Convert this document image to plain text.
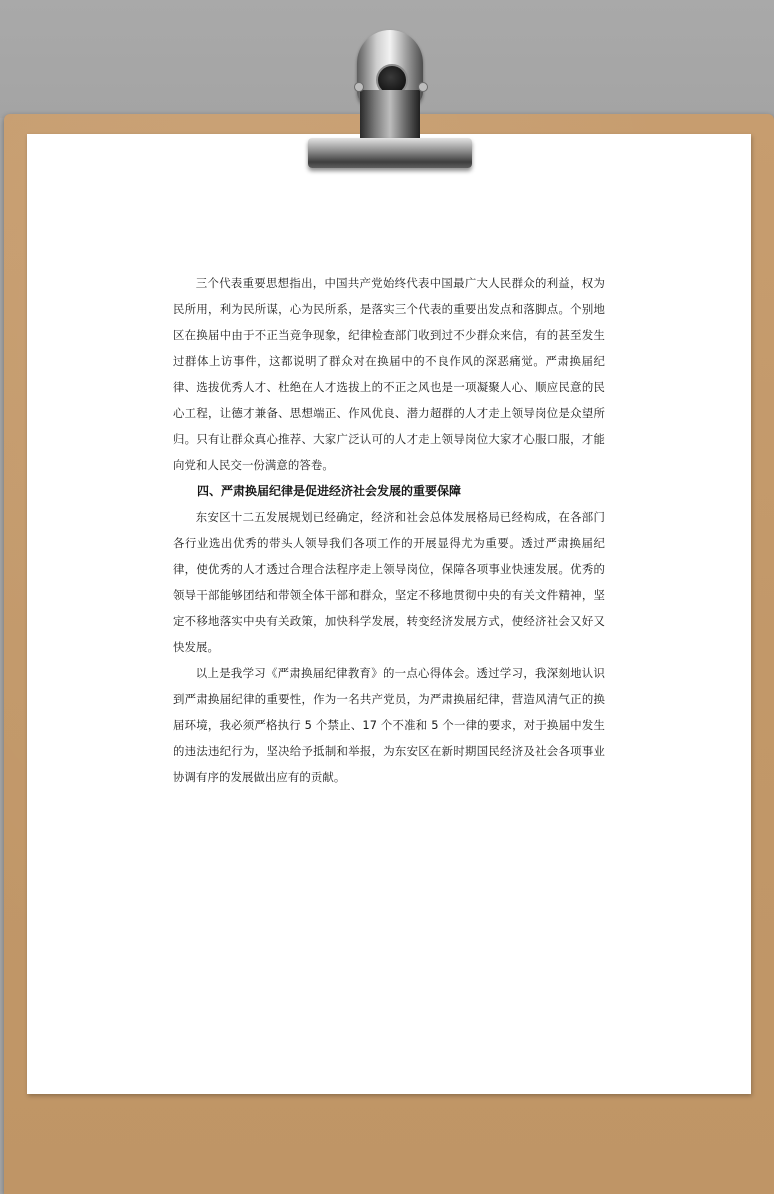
三个代表重要思想指出，中国共产党始终代表中国最广大人民群众的利益，权为民所用，利为民所谋，心为民所系，是落实三个代表的重要出发点和落脚点。个别地区在换届中由于不正当竞争现象，纪律检查部门收到过不少群众来信，有的甚至发生过群体上访事件，这都说明了群众对在换届中的不良作风的深恶痛觉。严肃换届纪律、选拔优秀人才、杜绝在人才选拔上的不正之风也是一项凝聚人心、顺应民意的民心工程，让德才兼备、思想端正、作风优良、潜力超群的人才走上领导岗位是众望所归。只有让群众真心推荐、大家广泛认可的人才走上领导岗位大家才心服口服，才能向党和人民交一份满意的答卷。

四、严肃换届纪律是促进经济社会发展的重要保障

东安区十二五发展规划已经确定，经济和社会总体发展格局已经构成，在各部门各行业选出优秀的带头人领导我们各项工作的开展显得尤为重要。透过严肃换届纪律，使优秀的人才透过合理合法程序走上领导岗位，保障各项事业快速发展。优秀的领导干部能够团结和带领全体干部和群众，坚定不移地贯彻中央的有关文件精神，坚定不移地落实中央有关政策，加快科学发展，转变经济发展方式，使经济社会又好又快发展。

以上是我学习《严肃换届纪律教育》的一点心得体会。透过学习，我深刻地认识到严肃换届纪律的重要性，作为一名共产党员，为严肃换届纪律，营造风清气正的换届环境，我必须严格执行 5 个禁止、17 个不准和 5 个一律的要求，对于换届中发生的违法违纪行为，坚决给予抵制和举报，为东安区在新时期国民经济及社会各项事业协调有序的发展做出应有的贡献。
